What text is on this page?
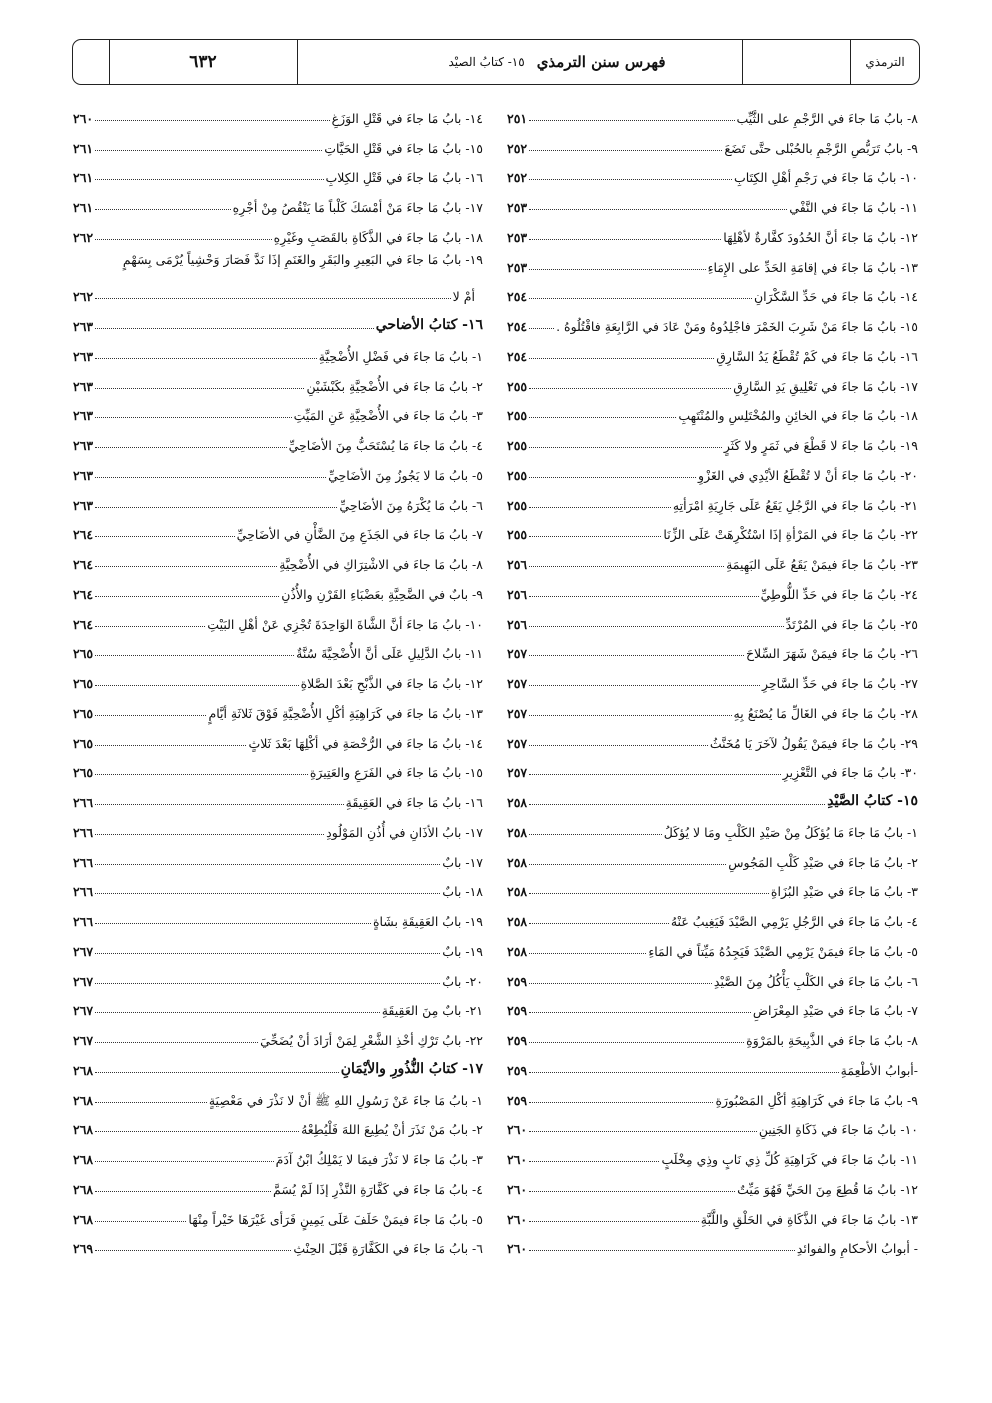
الترمذي
فهرس سنن الترمذي
١٥- كتابُ الصيْد
٦٣٢
٨- بابُ مَا جاءَ في الرَّجْمِ على الثَّيِّب
٢٥١
٩- بابُ تَرَبُّصِ الرَّجْمِ بالحُبْلى حتَّى تَضَعَ
٢٥٢
١٠- بابُ مَا جاءَ في رَجْمِ أهْلِ الكِتَابِ
٢٥٢
١١- بابُ مَا جاءَ في النَّفْي
٢٥٣
١٢- بابُ مَا جاءَ أنَّ الحُدُودَ كفَّارةٌ لأهْلِهَا
٢٥٣
١٣- بابُ مَا جاءَ في إقامَةِ الحَدِّ على الإِمَاءِ
٢٥٣
١٤- بابُ مَا جاءَ في حَدِّ السَّكْرَانِ
٢٥٤
١٥- بابُ مَا جاءَ مَنْ شَرِبَ الخَمْرَ فاجْلِدُوهُ ومَنْ عَادَ في الرَّابِعَةِ فاقْتُلُوهُ .
٢٥٤
١٦- بابُ مَا جاءَ في كَمْ تُقْطَعُ يَدُ السَّارِقِ
٢٥٤
١٧- بابُ مَا جاءَ في تَعْلِيقِ يَدِ السَّارِقِ
٢٥٥
١٨- بابُ مَا جاءَ في الخائِنِ والمُخْتَلِسِ والمُنْتَهِبِ
٢٥٥
١٩- بابُ مَا جاءَ لا قَطْعَ في ثَمَرٍ ولا كَثَرٍ
٢٥٥
٢٠- بابُ مَا جاءَ أنْ لا تُقْطَعُ الأيْدِي في الغَزْوِ
٢٥٥
٢١- بابُ مَا جاءَ في الرَّجُلِ يَقَعُ عَلَى جَارِيَةِ امْرَأتِهِ
٢٥٥
٢٢- بابُ مَا جاءَ في المَرْأةِ إذَا اسْتُكْرِهَتْ عَلَى الزِّنَا
٢٥٥
٢٣- بابُ مَا جاءَ فيمَنْ يَقَعُ عَلَى البَهِيمَةِ
٢٥٦
٢٤- بابُ مَا جاءَ في حَدِّ اللُّوطِيِّ
٢٥٦
٢٥- بابُ مَا جاءَ في المُرْتَدِّ
٢٥٦
٢٦- بابُ مَا جاءَ فيمَنْ شَهَرَ السِّلاحَ
٢٥٧
٢٧- بابُ مَا جاءَ في حَدِّ السَّاحِرِ
٢٥٧
٢٨- بابُ مَا جاءَ في الغَالِّ مَا يُصْنَعُ بِهِ
٢٥٧
٢٩- بابُ مَا جاءَ فيمَنْ يَقُولُ لآخَرَ يَا مُخَنَّثُ
٢٥٧
٣٠- بابُ مَا جاءَ في التَّعْزِيرِ
٢٥٧
١٥- كتابُ الصَّيْدِ
٢٥٨
١- بابُ مَا جاءَ مَا يُؤكَلُ مِنْ صَيْدِ الكَلْبِ ومَا لا يُؤكَلُ
٢٥٨
٢- بابُ مَا جاءَ في صَيْدِ كَلْبِ المَجُوسِ
٢٥٨
٣- بابُ مَا جاءَ في صَيْدِ البُزَاةِ
٢٥٨
٤- بابُ مَا جاءَ في الرَّجُلِ يَرْمِي الصَّيْدَ فَيَغِيبُ عَنْهُ
٢٥٨
٥- بابُ مَا جاءَ فيمَنْ يَرْمِي الصَّيْدَ فَيَجِدُهُ مَيِّتاً في المَاءِ
٢٥٨
٦- بابُ مَا جاءَ في الكَلْبِ يَأْكُلُ مِنَ الصَّيْدِ
٢٥٩
٧- بابُ مَا جاءَ في صَيْدِ المِعْرَاضِ
٢٥٩
٨- بابُ مَا جاءَ في الذَّبِيحَةِ بالمَرْوَةِ
٢٥٩
-أبوابُ الأطْعِمَةِ
٢٥٩
٩- بابُ مَا جاءَ في كَرَاهِيَةِ أكْلِ المَصْبُورَةِ
٢٥٩
١٠- بابُ مَا جاءَ في ذَكَاةِ الجَنِينِ
٢٦٠
١١- بابُ مَا جاءَ في كَرَاهِيَةِ كُلِّ ذِي نَابٍ وذِي مِخْلَبٍ
٢٦٠
١٢- بابُ مَا قُطِعَ مِنَ الحَيِّ فَهُوَ مَيِّتٌ
٢٦٠
١٣- بابُ مَا جاءَ في الذَّكَاةِ في الحَلْقِ واللَّبَّةِ
٢٦٠
- أبوابُ الأحكامِ والفوائدِ
٢٦٠
١٤- بابُ مَا جاءَ في قَتْلِ الوَزَغِ
٢٦٠
١٥- بابُ مَا جاءَ في قَتْلِ الحَيَّاتِ
٢٦١
١٦- بابُ مَا جاءَ في قَتْلِ الكِلابِ
٢٦١
١٧- بابُ مَا جاءَ مَنْ أمْسَكَ كَلْباً مَا يَنْقُصُ مِنْ أجْرِهِ
٢٦١
١٨- بابُ مَا جاءَ في الذَّكَاةِ بالقَصَبِ وغَيْرِهِ
٢٦٢
١٩- بابُ مَا جاءَ في البَعِيرِ والبَقَرِ والغَنَمِ إذَا نَدَّ فَصَارَ وَحْشِياً يُرْمَى بِسَهْمٍ
أمْ لا
٢٦٢
١٦- كتابُ الأضاحي
٢٦٣
١- بابُ مَا جاءَ في فَضْلِ الأُضْحِيَّةِ
٢٦٣
٢- بابُ مَا جاءَ في الأُضْحِيَّةِ بكَبْشَيْنِ
٢٦٣
٣- بابُ مَا جاءَ في الأُضْحِيَّةِ عَنِ المَيِّتِ
٢٦٣
٤- بابُ مَا جاءَ مَا يُسْتَحَبُّ مِنَ الأضَاحِيِّ
٢٦٣
٥- بابُ مَا لا يَجُوزُ مِنَ الأضَاحِيِّ
٢٦٣
٦- بابُ مَا يُكْرَهُ مِنَ الأضَاحِيِّ
٢٦٣
٧- بابُ مَا جاءَ في الجَذَعِ مِنَ الضَّأْنِ في الأضَاحِيِّ
٢٦٤
٨- بابُ مَا جاءَ في الاشْتِرَاكِ في الأُضْحِيَّةِ
٢٦٤
٩- بابٌ في الضَّحِيَّةِ بعَضْبَاءِ القَرْنِ والأُذُنِ
٢٦٤
١٠- بابُ مَا جاءَ أنَّ الشَّاةَ الوَاحِدَةَ تُجْزِي عَنْ أهْلِ البَيْتِ
٢٦٤
١١- بابُ الدَّلِيلِ عَلَى أنَّ الأُضْحِيَّةَ سُنَّةٌ
٢٦٥
١٢- بابُ مَا جاءَ في الذَّبْحِ بَعْدَ الصَّلاةِ
٢٦٥
١٣- بابُ مَا جاءَ في كَرَاهِيَةِ أكْلِ الأُضْحِيَّةِ فَوْقَ ثَلاثَةِ أيَّامٍ
٢٦٥
١٤- بابُ مَا جاءَ في الرُّخْصَةِ في أكْلِهَا بَعْدَ ثَلاثٍ
٢٦٥
١٥- بابُ مَا جاءَ في الفَرَعِ والعَتِيرَةِ
٢٦٥
١٦- بابُ مَا جاءَ في العَقِيقَةِ
٢٦٦
١٧- بابُ الأذَانِ في أُذُنِ المَوْلُودِ
٢٦٦
١٧- بابٌ
٢٦٦
١٨- بابٌ
٢٦٦
١٩- بابُ العَقِيقَةِ بشَاةٍ
٢٦٦
١٩- بابٌ
٢٦٧
٢٠- بابٌ
٢٦٧
٢١- بابٌ مِنَ العَقِيقَةِ
٢٦٧
٢٢- بابُ تَرْكِ أخْذِ الشَّعْرِ لِمَنْ أرَادَ أنْ يُضَحِّيَ
٢٦٧
١٧- كتابُ النُّذُورِ والأيْمَانِ
٢٦٨
١- بابُ مَا جاءَ عَنْ رَسُولِ اللهِ ﷺ أنْ لا نَذْرَ في مَعْصِيَةٍ
٢٦٨
٢- بابُ مَنْ نَذَرَ أنْ يُطِيعَ اللهَ فَلْيُطِعْهُ
٢٦٨
٣- بابُ مَا جاءَ لا نَذْرَ فيمَا لا يَمْلِكُ ابْنُ آدَمَ
٢٦٨
٤- بابُ مَا جاءَ في كَفَّارَةِ النَّذْرِ إذَا لَمْ يُسَمَّ
٢٦٨
٥- بابُ مَا جاءَ فيمَنْ حَلَفَ عَلَى يَمِينٍ فَرَأى غَيْرَهَا خَيْراً مِنْهَا
٢٦٨
٦- بابُ مَا جاءَ في الكَفَّارَةِ قَبْلَ الحِنْثِ
٢٦٩
